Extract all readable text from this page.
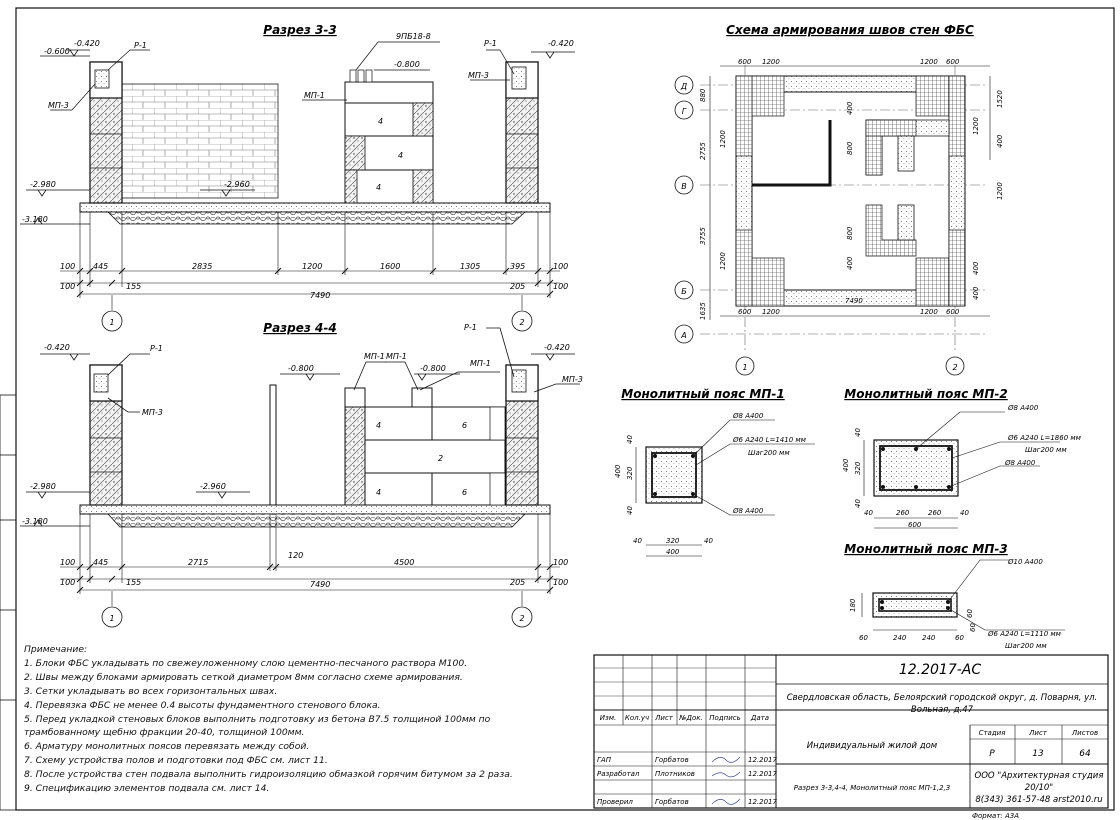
Разрез 3-3
4
4
4
-0.420
-0.600
-0.420
-0.800
-2.980	-2.960
-3.180
Р-1
МП-3
Р-1
МП-3
МП-1
9ПБ18-8
100 445	2835	1200	1600	1305	395	100
100	155	205	100
7490
1	2
Разрез 4-4
4	6
2
4	6
-0.420	-0.420
-0.800	-0.800
-2.980	-2.960
-3.180
Р-1
МП-3
МП-1 МП-1
МП-1
Р-1
МП-3
100 445	2715
120
4500	100
100	155	205	100
7490
1	2
Схема армирования швов стен ФБС
Д
Г
В
Б
А
1	2
880
2755
3755
1635
1520
400
600 1200	1200 600
600 1200	1200 600
7490
400
800
400
800
400
1200
1200
1200
1200
400
Монолитный пояс МП-1
Ø8 A400
Ø6 A240 L=1410 мм
Шаг200 мм
Ø8 A400
40
400 320
40
40	320	40
400
Монолитный пояс МП-2
Ø8 A400
Ø6 A240 L=1860 мм
Шаг200 мм
Ø8 A400
40
400 320
40
40	260	260	40
600
Монолитный пояс МП-3
Ø10 A400
Ø6 A240 L=1110 мм
Шаг200 мм
180
60
60
60	240 240	60
12.2017-АС
Свердловская область, Белоярский городской округ, д. Поварня, ул.
Вольная, д.47
Изм. Кол.уч Лист №Док. Подпись Дата
ГАП	Горбатов	12.2017
Разработал Плотников	12.2017
Проверил	Горбатов	12.2017
Индивидуальный жилой дом
Стадия	Лист	Листов
Р	13	64
Разрез 3-3,4-4, Монолитный пояс МП-1,2,3
ООО "Архитектурная студия
20/10"
8(343) 361-57-48 arst2010.ru
Формат: А3А
Примечание:
1. Блоки ФБС укладывать по свежеуложенному слою цементно-песчаного раствора М100.
2. Швы между блоками армировать сеткой диаметром 8мм согласно схеме армирования.
3. Сетки укладывать во всех горизонтальных швах.
4. Перевязка ФБС не менее 0.4 высоты фундаментного стенового блока.
5. Перед укладкой стеновых блоков выполнить подготовку из бетона B7.5 толщиной 100мм по
трамбованному щебню фракции 20-40, толщиной 100мм.
6. Арматуру монолитных поясов перевязать между собой.
7. Схему устройства полов и подготовки под ФБС см. лист 11.
8. После устройства стен подвала выполнить гидроизоляцию обмазкой горячим битумом за 2 раза.
9. Спецификацию элементов подвала см. лист 14.
